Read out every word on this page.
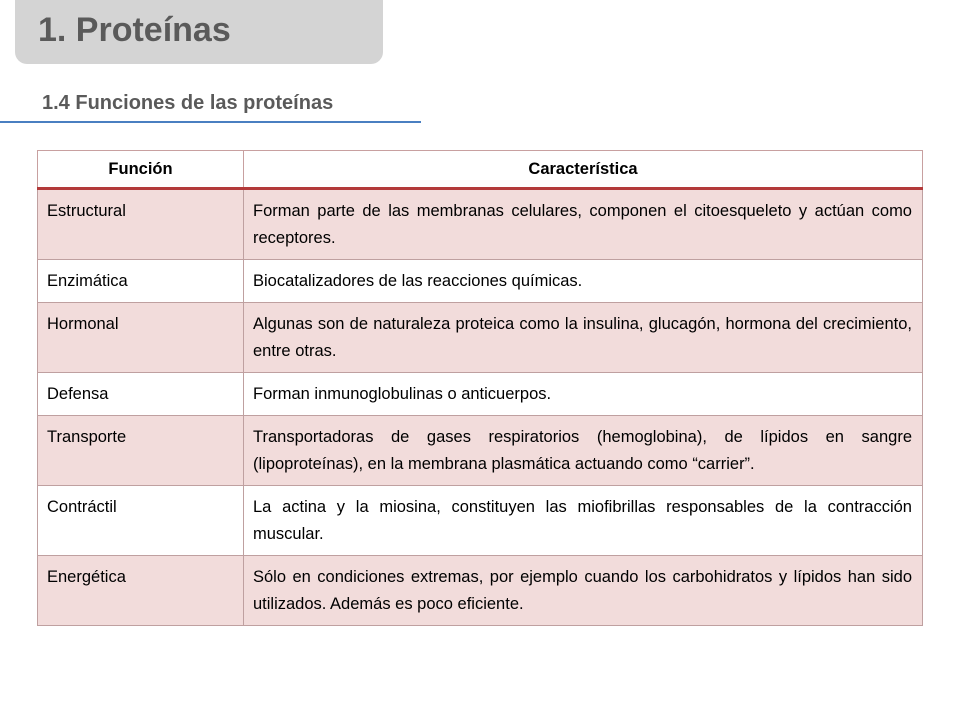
1. Proteínas
1.4 Funciones de las proteínas
Función	Característica
Estructural	Forman parte de las membranas celulares, componen el citoesqueleto y actúan como receptores.
Enzimática	Biocatalizadores de las reacciones químicas.
Hormonal	Algunas son de naturaleza proteica como la insulina, glucagón, hormona del crecimiento, entre otras.
Defensa	Forman inmunoglobulinas o anticuerpos.
Transporte	Transportadoras de gases respiratorios (hemoglobina), de lípidos en sangre (lipoproteínas), en la membrana plasmática actuando como “carrier”.
Contráctil	La actina y la miosina, constituyen las miofibrillas responsables de la contracción muscular.
Energética	Sólo en condiciones extremas, por ejemplo cuando los carbohidratos y lípidos han sido utilizados. Además es poco eficiente.
